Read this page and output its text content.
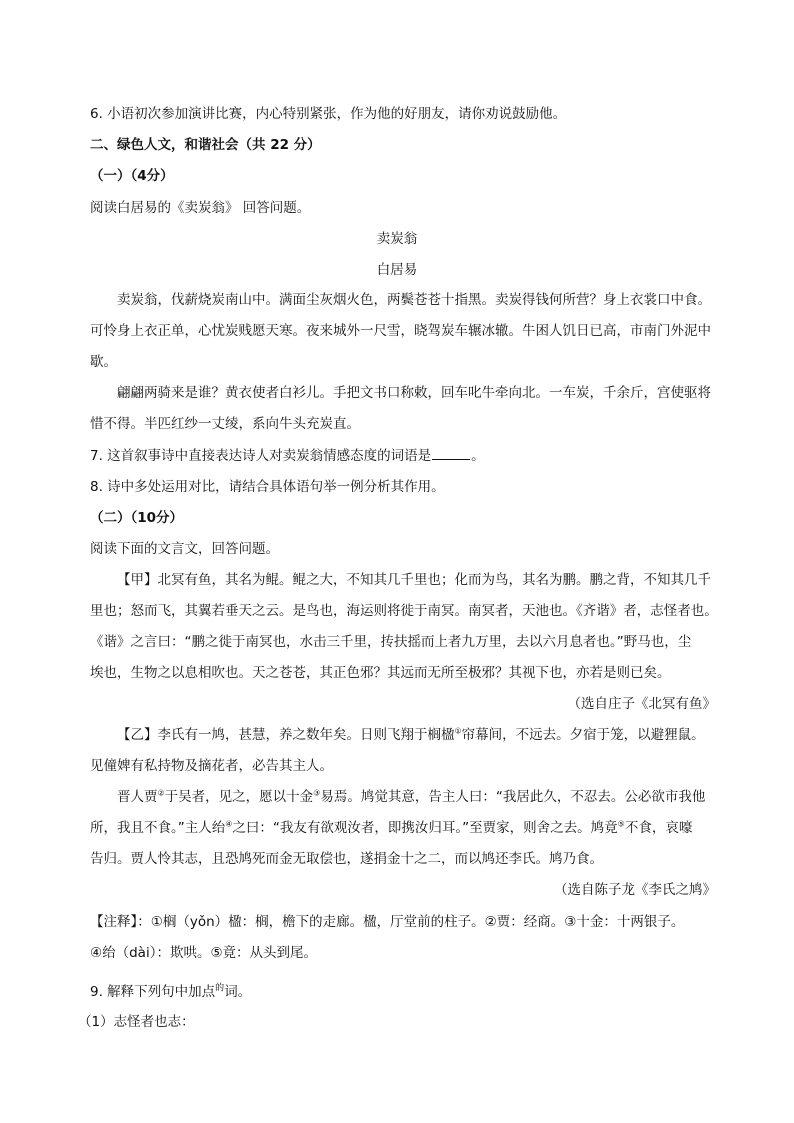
6. 小语初次参加演讲比赛，内心特别紧张，作为他的好朋友，请你劝说鼓励他。
二、绿色人文，和谐社会（共 22 分）
（一）（4分）
阅读白居易的《卖炭翁》 回答问题。
卖炭翁
白居易
卖炭翁，伐薪烧炭南山中。满面尘灰烟火色，两鬓苍苍十指黑。卖炭得钱何所营？身上衣裳口中食。
可怜身上衣正单，心忧炭贱愿天寒。夜来城外一尺雪，晓驾炭车辗冰辙。牛困人饥日已高，市南门外泥中
歇。
翩翩两骑来是谁？黄衣使者白衫儿。手把文书口称敕，回车叱牛牵向北。一车炭，千余斤，宫使驱将
惜不得。半匹红纱一丈绫，系向牛头充炭直。
7. 这首叙事诗中直接表达诗人对卖炭翁情感态度的词语是	。
8. 诗中多处运用对比，请结合具体语句举一例分析其作用。
（二）（10分）
阅读下面的文言文，回答问题。
【甲】北冥有鱼，其名为鲲。鲲之大，不知其几千里也；化而为鸟，其名为鹏。鹏之背，不知其几千
里也；怒而飞，其翼若垂天之云。是鸟也，海运则将徙于南冥。南冥者，天池也。《齐谐》者，志怪者也。
《谐》之言曰：“鹏之徙于南冥也，水击三千里，抟扶摇而上者九万里，去以六月息者也。”野马也，尘
埃也，生物之以息相吹也。天之苍苍，其正色邪？其远而无所至极邪？其视下也，亦若是则已矣。
（选自庄子《北冥有鱼》
【乙】李氏有一鸠，甚慧，养之数年矣。日则飞翔于榈楹①帘幕间，不远去。夕宿于笼，以避狸鼠。
见僮婢有私持物及摘花者，必告其主人。
晋人贾②于吴者，见之，愿以十金③易焉。鸠觉其意，告主人曰：“我居此久，不忍去。公必欲市我他
所，我且不食。”主人绐④之曰：“我友有欲观汝者，即携汝归耳。”至贾家，则舍之去。鸠竟⑤不食，哀嚎
告归。贾人怜其志，且恐鸠死而金无取偿也，遂捐金十之二，而以鸠还李氏。鸠乃食。
（选自陈子龙《李氏之鸠》
【注释】：①榈（yǒn）楹：榈，檐下的走廊。楹，厅堂前的柱子。②贾：经商。③十金：十两银子。
④绐（dài）：欺哄。⑤竟：从头到尾。
9. 解释下列句中加点$^的$词。
（1）志怪者也志：
